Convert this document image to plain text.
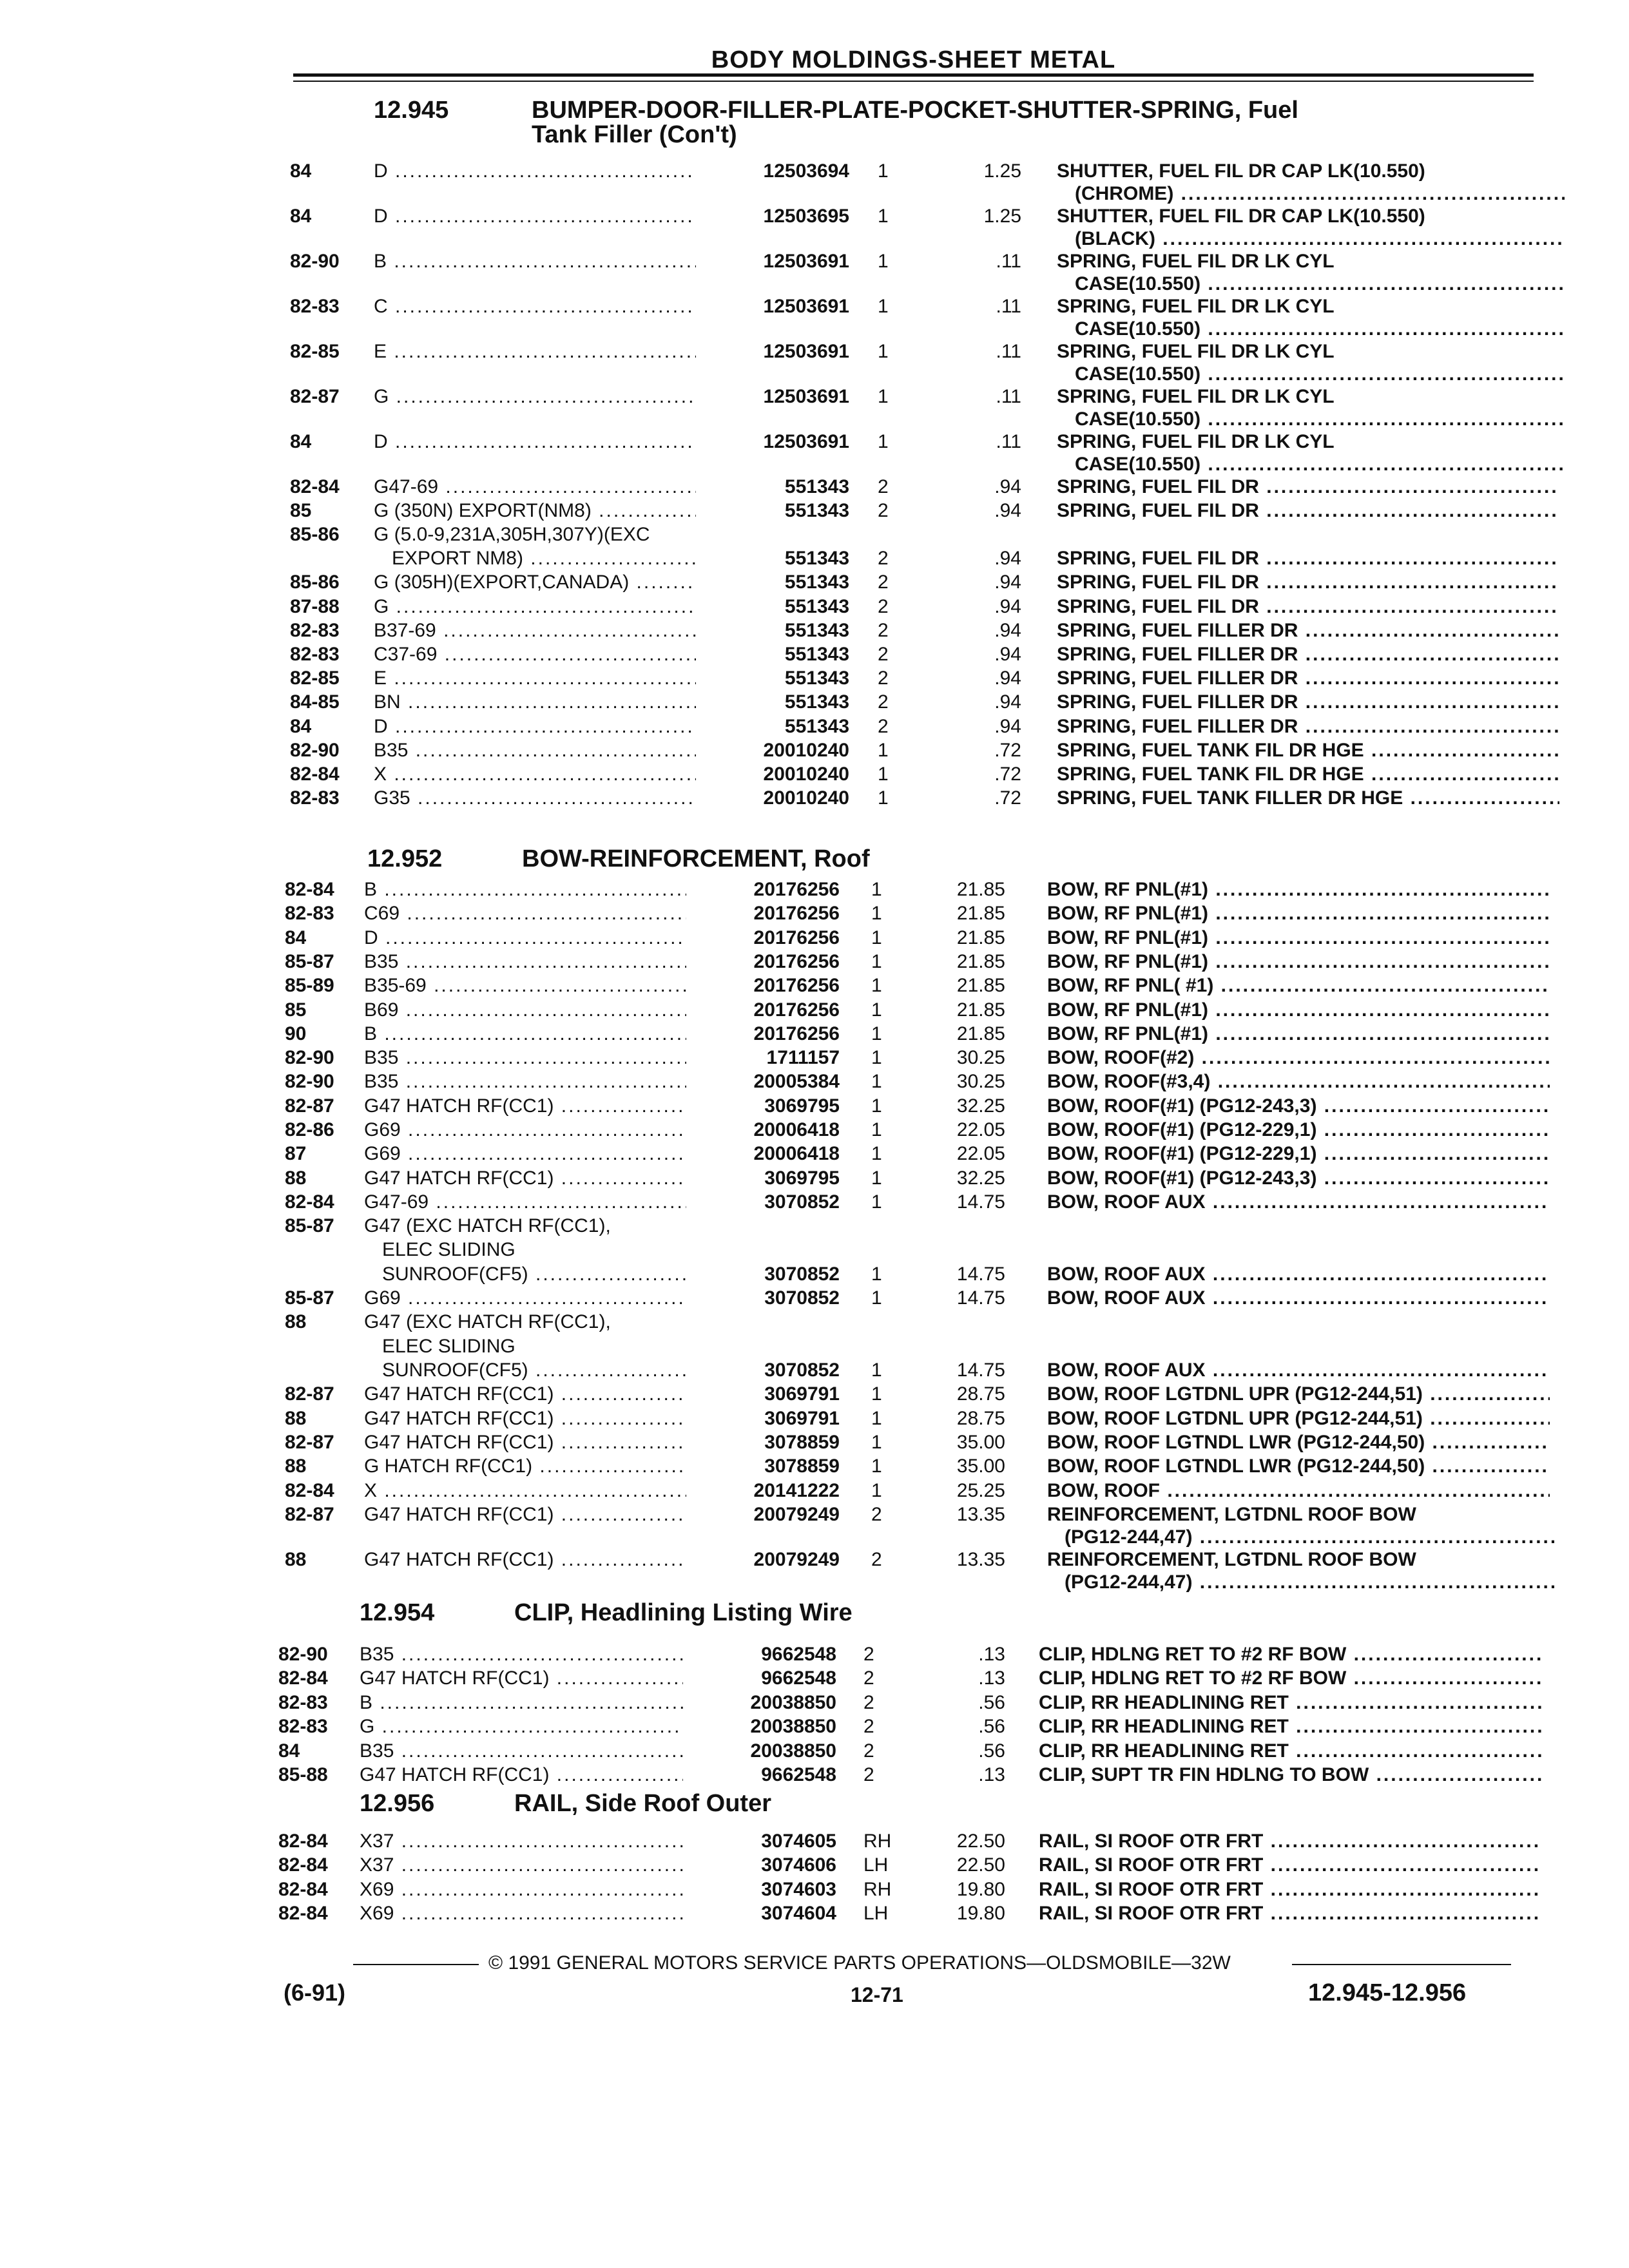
BODY MOLDINGS-SHEET METAL
12.945	BUMPER-DOOR-FILLER-PLATE-POCKET-SHUTTER-SPRING, Fuel
Tank Filler (Con't)
84	D .....	12503694 1	1.25 SHUTTER, FUEL FIL DR CAP LK(10.550)
(CHROME) .....
84	D .....	12503695 1	1.25 SHUTTER, FUEL FIL DR CAP LK(10.550)
(BLACK) .....
82-90 B .....	12503691 1	.11 SPRING, FUEL FIL DR LK CYL
CASE(10.550) .....
82-83 C .....	12503691 1	.11 SPRING, FUEL FIL DR LK CYL
CASE(10.550) .....
82-85 E .....	12503691 1	.11 SPRING, FUEL FIL DR LK CYL
CASE(10.550) .....
82-87 G .....	12503691 1	.11 SPRING, FUEL FIL DR LK CYL
CASE(10.550) .....
84	D .....	12503691 1	.11 SPRING, FUEL FIL DR LK CYL
CASE(10.550) .....
82-84 G47-69 .....	551343 2	.94 SPRING, FUEL FIL DR .....
85	G (350N) EXPORT(NM8) .....	551343 2	.94 SPRING, FUEL FIL DR .....
85-86 G (5.0-9,231A,305H,307Y)(EXC
EXPORT NM8) .....	551343 2	.94 SPRING, FUEL FIL DR .....
85-86 G (305H)(EXPORT,CANADA) .....	551343 2	.94 SPRING, FUEL FIL DR .....
87-88 G .....	551343 2	.94 SPRING, FUEL FIL DR .....
82-83 B37-69 .....	551343 2	.94 SPRING, FUEL FILLER DR .....
82-83 C37-69 .....	551343 2	.94 SPRING, FUEL FILLER DR .....
82-85 E .....	551343 2	.94 SPRING, FUEL FILLER DR .....
84-85 BN .....	551343 2	.94 SPRING, FUEL FILLER DR .....
84	D .....	551343 2	.94 SPRING, FUEL FILLER DR .....
82-90 B35 .....	20010240 1	.72 SPRING, FUEL TANK FIL DR HGE .....
82-84 X .....	20010240 1	.72 SPRING, FUEL TANK FIL DR HGE .....
82-83 G35 .....	20010240 1	.72 SPRING, FUEL TANK FILLER DR HGE .....
12.952	BOW-REINFORCEMENT, Roof
82-84 B .....	20176256 1	21.85 BOW, RF PNL(#1) .....
82-83 C69 .....	20176256 1	21.85 BOW, RF PNL(#1) .....
84	D .....	20176256 1	21.85 BOW, RF PNL(#1) .....
85-87 B35 .....	20176256 1	21.85 BOW, RF PNL(#1) .....
85-89 B35-69 .....	20176256 1	21.85 BOW, RF PNL( #1) .....
85	B69 .....	20176256 1	21.85 BOW, RF PNL(#1) .....
90	B .....	20176256 1	21.85 BOW, RF PNL(#1) .....
82-90 B35 .....	1711157 1	30.25 BOW, ROOF(#2) .....
82-90 B35 .....	20005384 1	30.25 BOW, ROOF(#3,4) .....
82-87 G47 HATCH RF(CC1) .....	3069795 1	32.25 BOW, ROOF(#1) (PG12-243,3) .....
82-86 G69 .....	20006418 1	22.05 BOW, ROOF(#1) (PG12-229,1) .....
87	G69 .....	20006418 1	22.05 BOW, ROOF(#1) (PG12-229,1) .....
88	G47 HATCH RF(CC1) .....	3069795 1	32.25 BOW, ROOF(#1) (PG12-243,3) .....
82-84 G47-69 .....	3070852 1	14.75 BOW, ROOF AUX .....
85-87 G47 (EXC HATCH RF(CC1),
ELEC SLIDING
SUNROOF(CF5) .....	3070852 1	14.75 BOW, ROOF AUX .....
85-87 G69 .....	3070852 1	14.75 BOW, ROOF AUX .....
88	G47 (EXC HATCH RF(CC1),
ELEC SLIDING
SUNROOF(CF5) .....	3070852 1	14.75 BOW, ROOF AUX .....
82-87 G47 HATCH RF(CC1) .....	3069791 1	28.75 BOW, ROOF LGTDNL UPR (PG12-244,51) .....
88	G47 HATCH RF(CC1) .....	3069791 1	28.75 BOW, ROOF LGTDNL UPR (PG12-244,51) .....
82-87 G47 HATCH RF(CC1) .....	3078859 1	35.00 BOW, ROOF LGTNDL LWR (PG12-244,50) .....
88	G HATCH RF(CC1) .....	3078859 1	35.00 BOW, ROOF LGTNDL LWR (PG12-244,50) .....
82-84 X .....	20141222 1	25.25 BOW, ROOF .....
82-87 G47 HATCH RF(CC1) .....	20079249 2	13.35 REINFORCEMENT, LGTDNL ROOF BOW
(PG12-244,47) .....
88	G47 HATCH RF(CC1) .....	20079249 2	13.35 REINFORCEMENT, LGTDNL ROOF BOW
(PG12-244,47) .....
12.954	CLIP, Headlining Listing Wire
82-90 B35 .....	9662548 2	.13 CLIP, HDLNG RET TO #2 RF BOW .....
82-84 G47 HATCH RF(CC1) .....	9662548 2	.13 CLIP, HDLNG RET TO #2 RF BOW .....
82-83 B .....	20038850 2	.56 CLIP, RR HEADLINING RET .....
82-83 G .....	20038850 2	.56 CLIP, RR HEADLINING RET .....
84	B35 .....	20038850 2	.56 CLIP, RR HEADLINING RET .....
85-88 G47 HATCH RF(CC1) .....	9662548 2	.13 CLIP, SUPT TR FIN HDLNG TO BOW .....
12.956	RAIL, Side Roof Outer
82-84 X37 .....	3074605 RH	22.50 RAIL, SI ROOF OTR FRT .....
82-84 X37 .....	3074606 LH	22.50 RAIL, SI ROOF OTR FRT .....
82-84 X69 .....	3074603 RH	19.80 RAIL, SI ROOF OTR FRT .....
82-84 X69 .....	3074604 LH	19.80 RAIL, SI ROOF OTR FRT .....
© 1991 GENERAL MOTORS SERVICE PARTS OPERATIONS—OLDSMOBILE—32W
(6-91)	12-71	12.945-12.956
